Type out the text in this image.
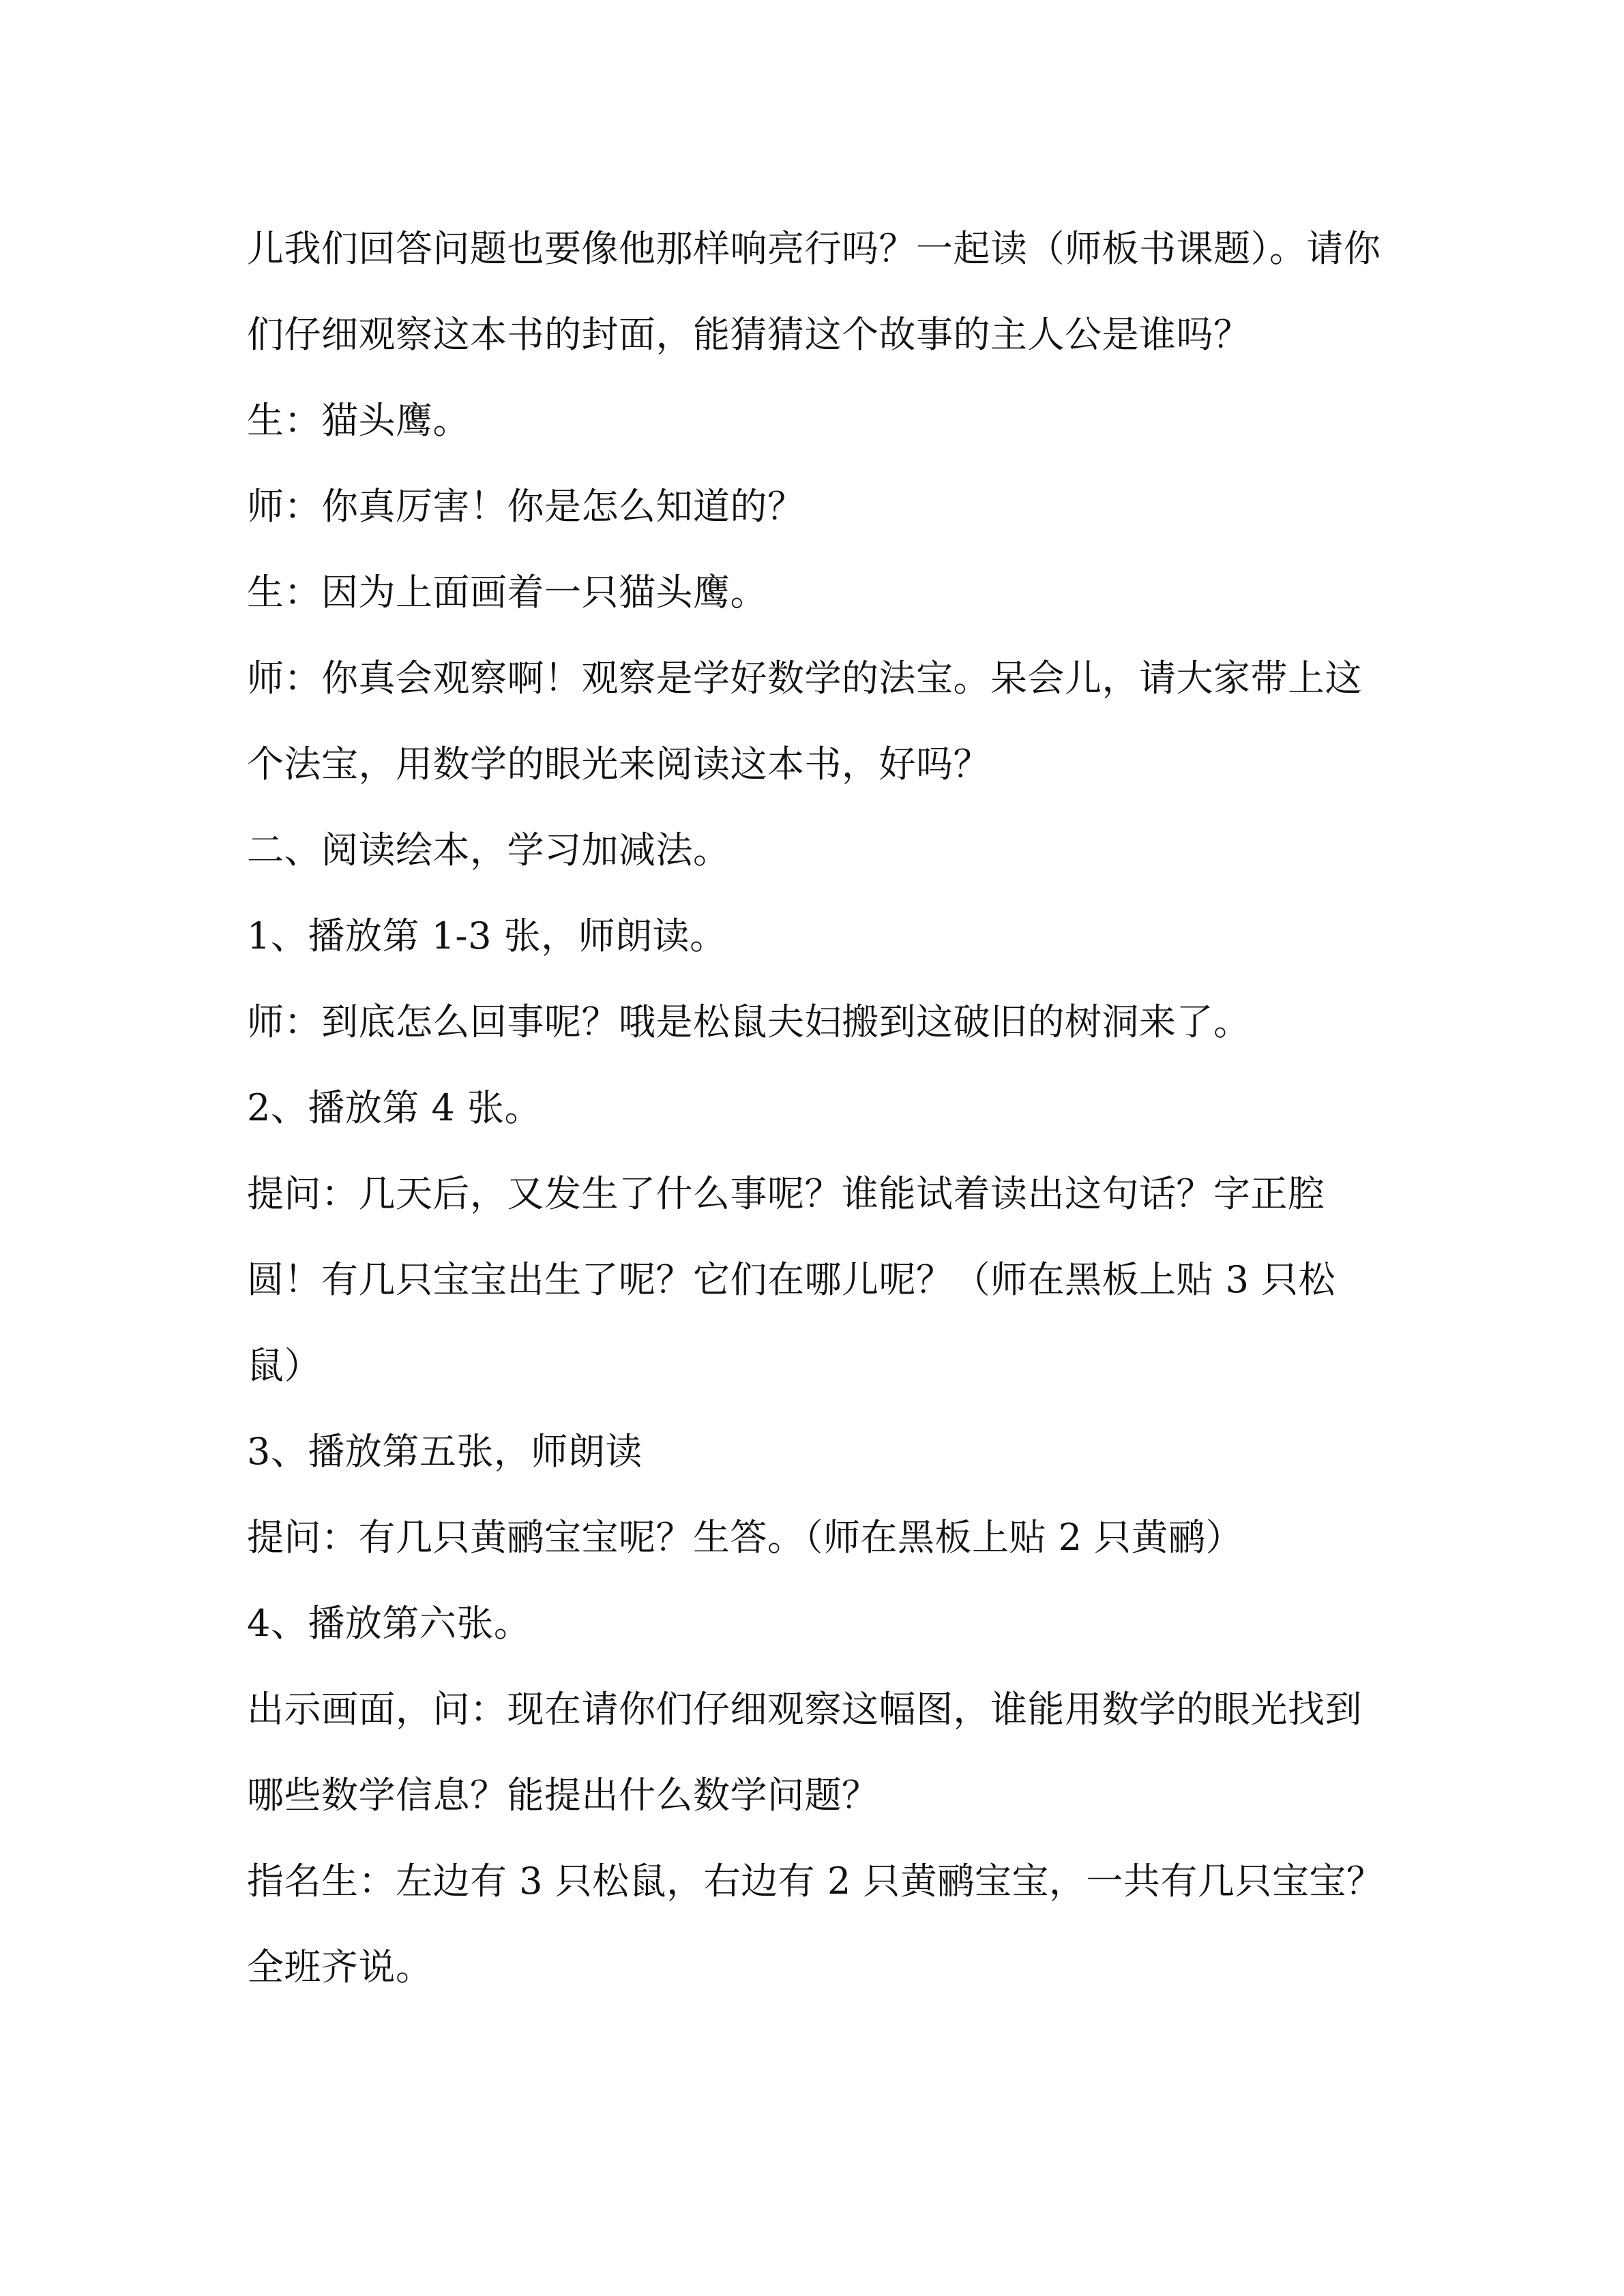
儿我们回答问题也要像他那样响亮行吗？一起读（师板书课题）。请你们仔细观察这本书的封面，能猜猜这个故事的主人公是谁吗？

生：猫头鹰。

师：你真厉害！你是怎么知道的？

生：因为上面画着一只猫头鹰。

师：你真会观察啊！观察是学好数学的法宝。呆会儿，请大家带上这个法宝，用数学的眼光来阅读这本书，好吗？

二、阅读绘本，学习加减法。

1、播放第 1-3 张，师朗读。

师：到底怎么回事呢？哦是松鼠夫妇搬到这破旧的树洞来了。

2、播放第 4 张。

提问：几天后，又发生了什么事呢？谁能试着读出这句话？字正腔圆！有几只宝宝出生了呢？它们在哪儿呢？（师在黑板上贴 3 只松鼠）

3、播放第五张，师朗读

提问：有几只黄鹂宝宝呢？生答。（师在黑板上贴 2 只黄鹂）

4、播放第六张。

出示画面，问：现在请你们仔细观察这幅图，谁能用数学的眼光找到哪些数学信息？能提出什么数学问题？

指名生：左边有 3 只松鼠，右边有 2 只黄鹂宝宝，一共有几只宝宝？

全班齐说。
